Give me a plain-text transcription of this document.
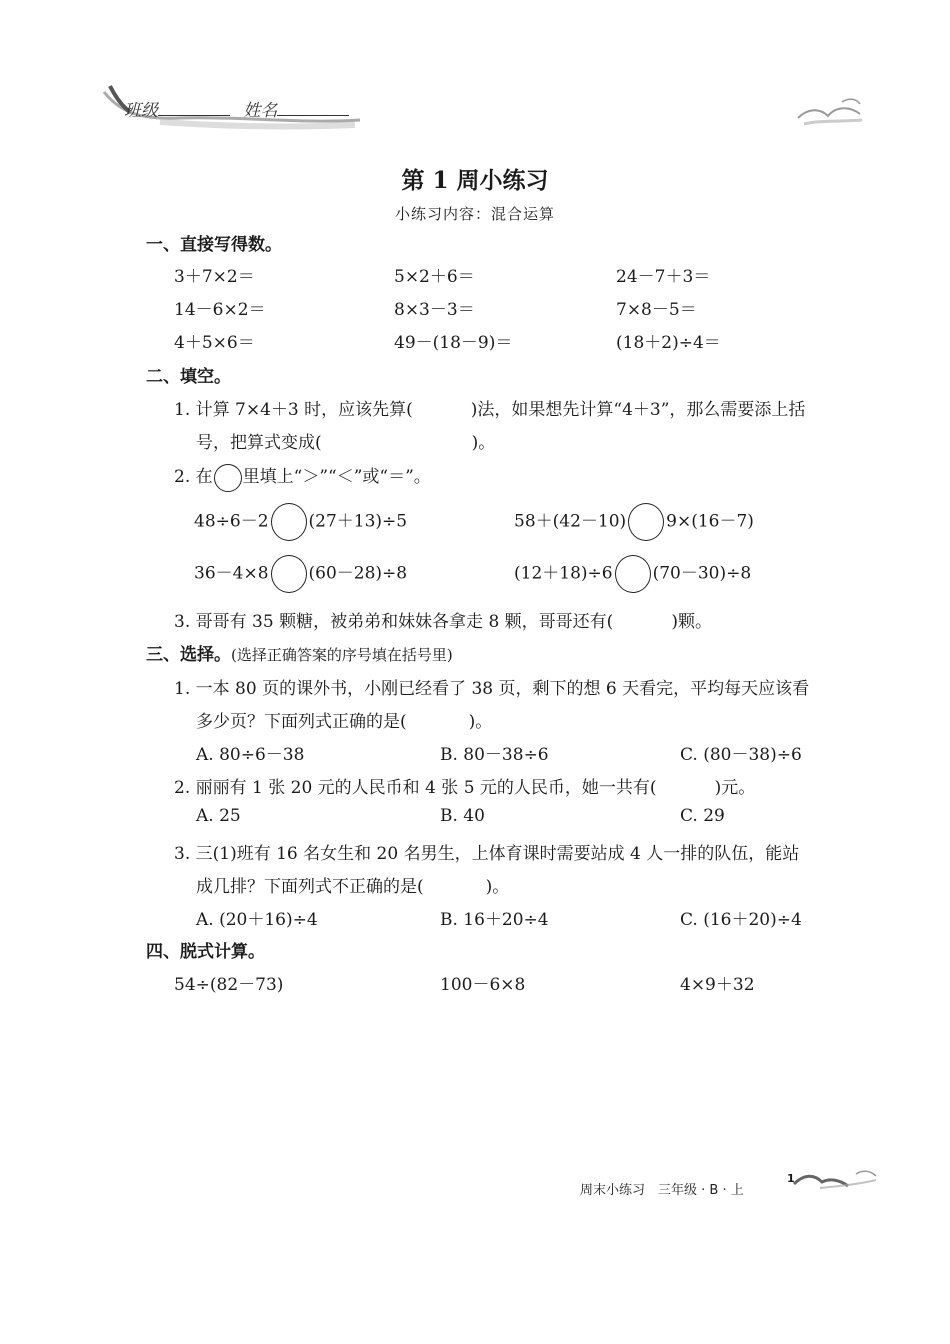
班级	姓名
第 1 周小练习
小练习内容：混合运算
一、直接写得数。
3＋7×2＝	5×2＋6＝	24－7＋3＝
14－6×2＝	8×3－3＝	7×8－5＝
4＋5×6＝	49－(18－9)＝	(18＋2)÷4＝
二、填空。
1. 计算 7×4＋3 时，应该先算(	)法，如果想先计算“4＋3”，那么需要添上括
号，把算式变成(	)。
2. 在 里填上“＞”“＜”或“＝”。
48÷6－2 (27＋13)÷5	58＋(42－10) 9×(16－7)
36－4×8 (60－28)÷8	(12＋18)÷6 (70－30)÷8
3. 哥哥有 35 颗糖，被弟弟和妹妹各拿走 8 颗，哥哥还有(	)颗。
三、选择。(选择正确答案的序号填在括号里)
1. 一本 80 页的课外书，小刚已经看了 38 页，剩下的想 6 天看完，平均每天应该看
多少页？下面列式正确的是(	)。
A. 80÷6－38	B. 80－38÷6	C. (80－38)÷6
2. 丽丽有 1 张 20 元的人民币和 4 张 5 元的人民币，她一共有(	)元。
A. 25	B. 40	C. 29
3. 三(1)班有 16 名女生和 20 名男生，上体育课时需要站成 4 人一排的队伍，能站
成几排？下面列式不正确的是(	)。
A. (20＋16)÷4	B. 16＋20÷4	C. (16＋20)÷4
四、脱式计算。
54÷(82－73)	100－6×8	4×9＋32
周末小练习　三年级 · B · 上
1
